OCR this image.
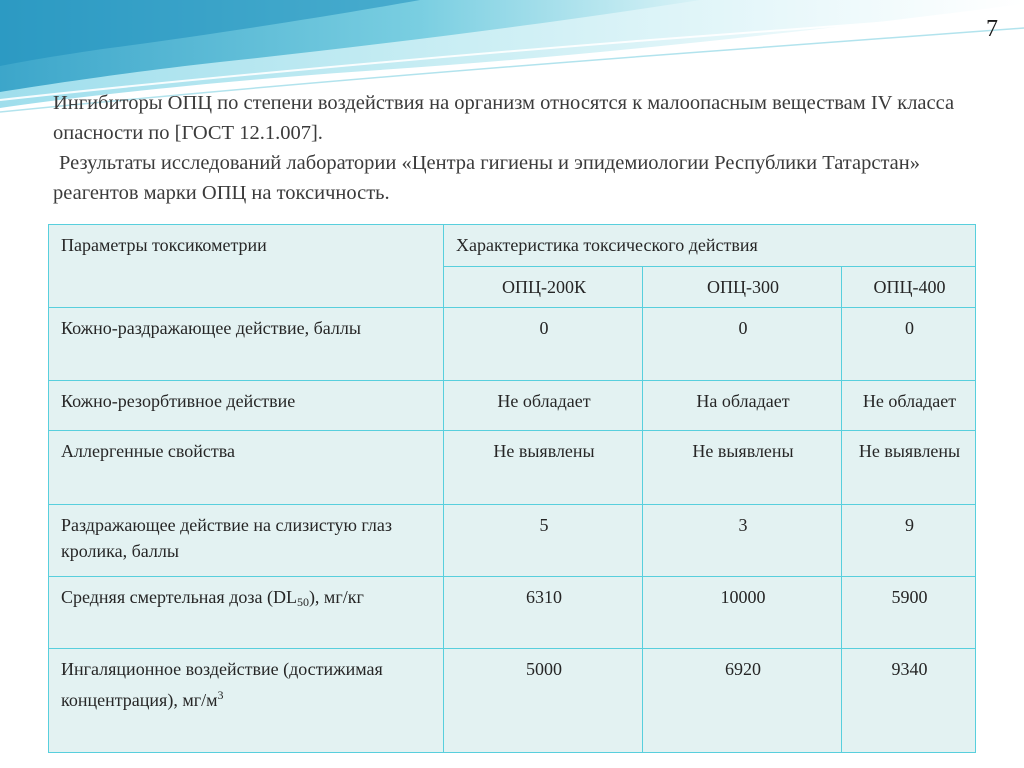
7

Ингибиторы ОПЦ по степени воздействия на организм относятся к малоопасным веществам IV класса опасности по [ГОСТ 12.1.007].

Результаты исследований лаборатории «Центра гигиены и эпидемиологии Республики Татарстан» реагентов марки ОПЦ на токсичность.

Параметры токсикометрии	Характеристика токсического действия		
	ОПЦ-200К	ОПЦ-300	ОПЦ-400
Кожно-раздражающее действие, баллы	0	0	0
Кожно-резорбтивное действие	Не обладает	На обладает	Не обладает
Аллергенные свойства	Не выявлены	Не выявлены	Не выявлены
Раздражающее действие на слизистую глаз кролика, баллы	5	3	9
Средняя смертельная доза $(DL_{50})$, мг/кг	6310	10000	5900
Ингаляционное воздействие (достижимая концентрация), $мг/м^3$	5000	6920	9340
